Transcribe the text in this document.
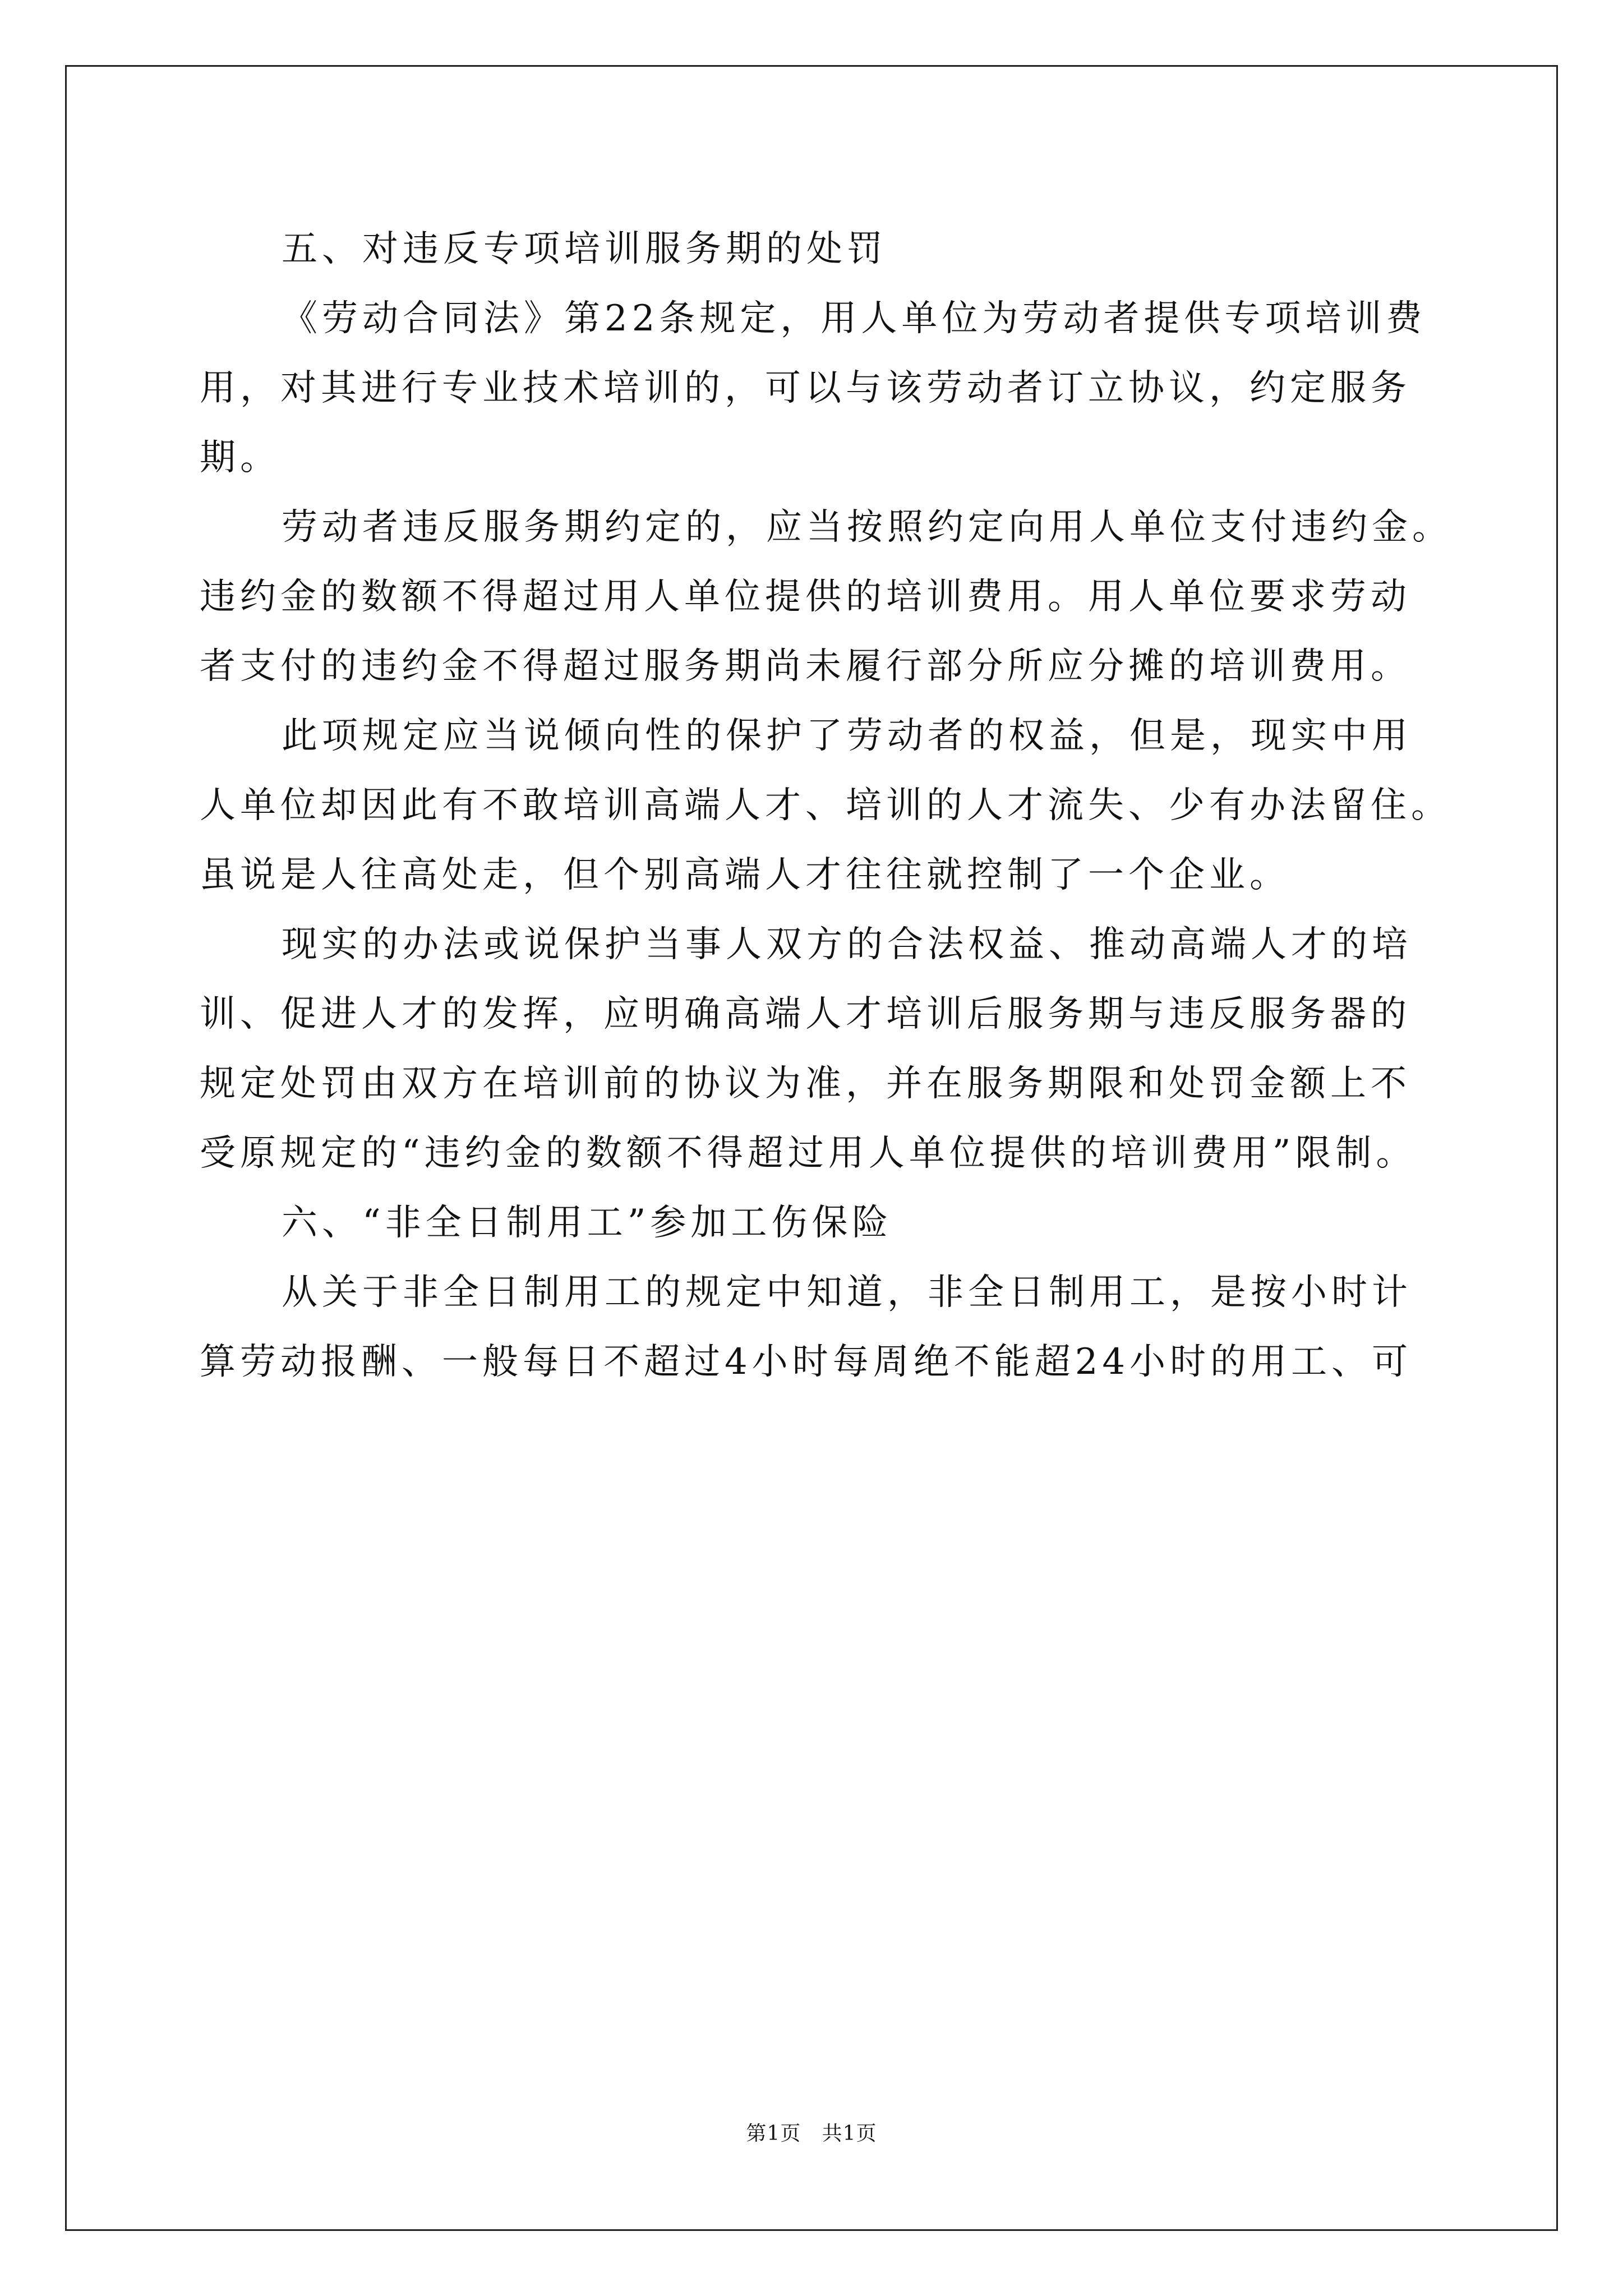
五、对违反专项培训服务期的处罚

《劳动合同法》第22条规定，用人单位为劳动者提供专项培训费

用，对其进行专业技术培训的，可以与该劳动者订立协议，约定服务

期。

劳动者违反服务期约定的，应当按照约定向用人单位支付违约金。

违约金的数额不得超过用人单位提供的培训费用。用人单位要求劳动

者支付的违约金不得超过服务期尚未履行部分所应分摊的培训费用。

此项规定应当说倾向性的保护了劳动者的权益，但是，现实中用

人单位却因此有不敢培训高端人才、培训的人才流失、少有办法留住。

虽说是人往高处走，但个别高端人才往往就控制了一个企业。

现实的办法或说保护当事人双方的合法权益、推动高端人才的培

训、促进人才的发挥，应明确高端人才培训后服务期与违反服务器的

规定处罚由双方在培训前的协议为准，并在服务期限和处罚金额上不

受原规定的“违约金的数额不得超过用人单位提供的培训费用”限制。

六、“非全日制用工”参加工伤保险

从关于非全日制用工的规定中知道，非全日制用工，是按小时计

算劳动报酬、一般每日不超过4小时每周绝不能超24小时的用工、可

第1页   共1页
